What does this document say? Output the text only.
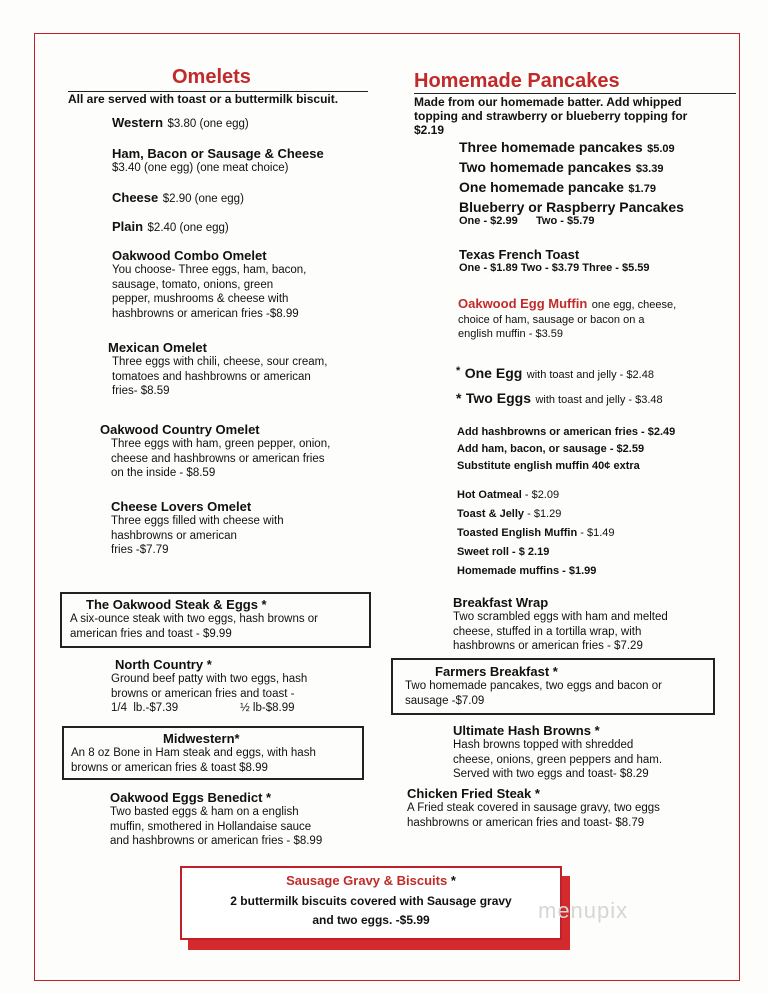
Omelets
All are served with toast or a buttermilk biscuit.
Western $3.80 (one egg)
Ham, Bacon or Sausage & Cheese
$3.40 (one egg) (one meat choice)
Cheese $2.90 (one egg)
Plain $2.40 (one egg)
Oakwood Combo Omelet
You choose- Three eggs, ham, bacon,
sausage, tomato, onions, green
pepper, mushrooms & cheese with
hashbrowns or american fries -$8.99
Mexican Omelet
Three eggs with chili, cheese, sour cream,
tomatoes and hashbrowns or american
fries- $8.59
Oakwood Country Omelet
Three eggs with ham, green pepper, onion,
cheese and hashbrowns or american fries
on the inside - $8.59
Cheese Lovers Omelet
Three eggs filled with cheese with
hashbrowns or american
fries -$7.79
Homemade Pancakes
Made from our homemade batter. Add whipped
topping and strawberry or blueberry topping for
$2.19
Three homemade pancakes $5.09
Two homemade pancakes $3.39
One homemade pancake $1.79
Blueberry or Raspberry Pancakes
One - $2.99      Two - $5.79
Texas French Toast
One - $1.89 Two - $3.79 Three - $5.59
Oakwood Egg Muffin one egg, cheese,
choice of ham, sausage or bacon on a
english muffin - $3.59
* One Egg with toast and jelly - $2.48
* Two Eggs with toast and jelly - $3.48
Add hashbrowns or american fries - $2.49
Add ham, bacon, or sausage - $2.59
Substitute english muffin 40¢ extra
Hot Oatmeal - $2.09
Toast & Jelly - $1.29
Toasted English Muffin - $1.49
Sweet roll - $ 2.19
Homemade muffins - $1.99
The Oakwood Steak & Eggs *
A six-ounce steak with two eggs, hash browns or
american fries and toast - $9.99
North Country *
Ground beef patty with two eggs, hash
browns or american fries and toast -
1/4  lb.-$7.39	½ lb-$8.99
Midwestern*
An 8 oz Bone in Ham steak and eggs, with hash
browns or american fries & toast $8.99
Oakwood Eggs Benedict *
Two basted eggs & ham on a english
muffin, smothered in Hollandaise sauce
and hashbrowns or american fries - $8.99
Breakfast Wrap
Two scrambled eggs with ham and melted
cheese, stuffed in a tortilla wrap, with
hashbrowns or american fries - $7.29
Farmers Breakfast *
Two homemade pancakes, two eggs and bacon or
sausage -$7.09
Ultimate Hash Browns *
Hash browns topped with shredded
cheese, onions, green peppers and ham.
Served with two eggs and toast- $8.29
Chicken Fried Steak *
A Fried steak covered in sausage gravy, two eggs
hashbrowns or american fries and toast- $8.79
Sausage Gravy & Biscuits *
2 buttermilk biscuits covered with Sausage gravy
and two eggs. -$5.99	menupix
